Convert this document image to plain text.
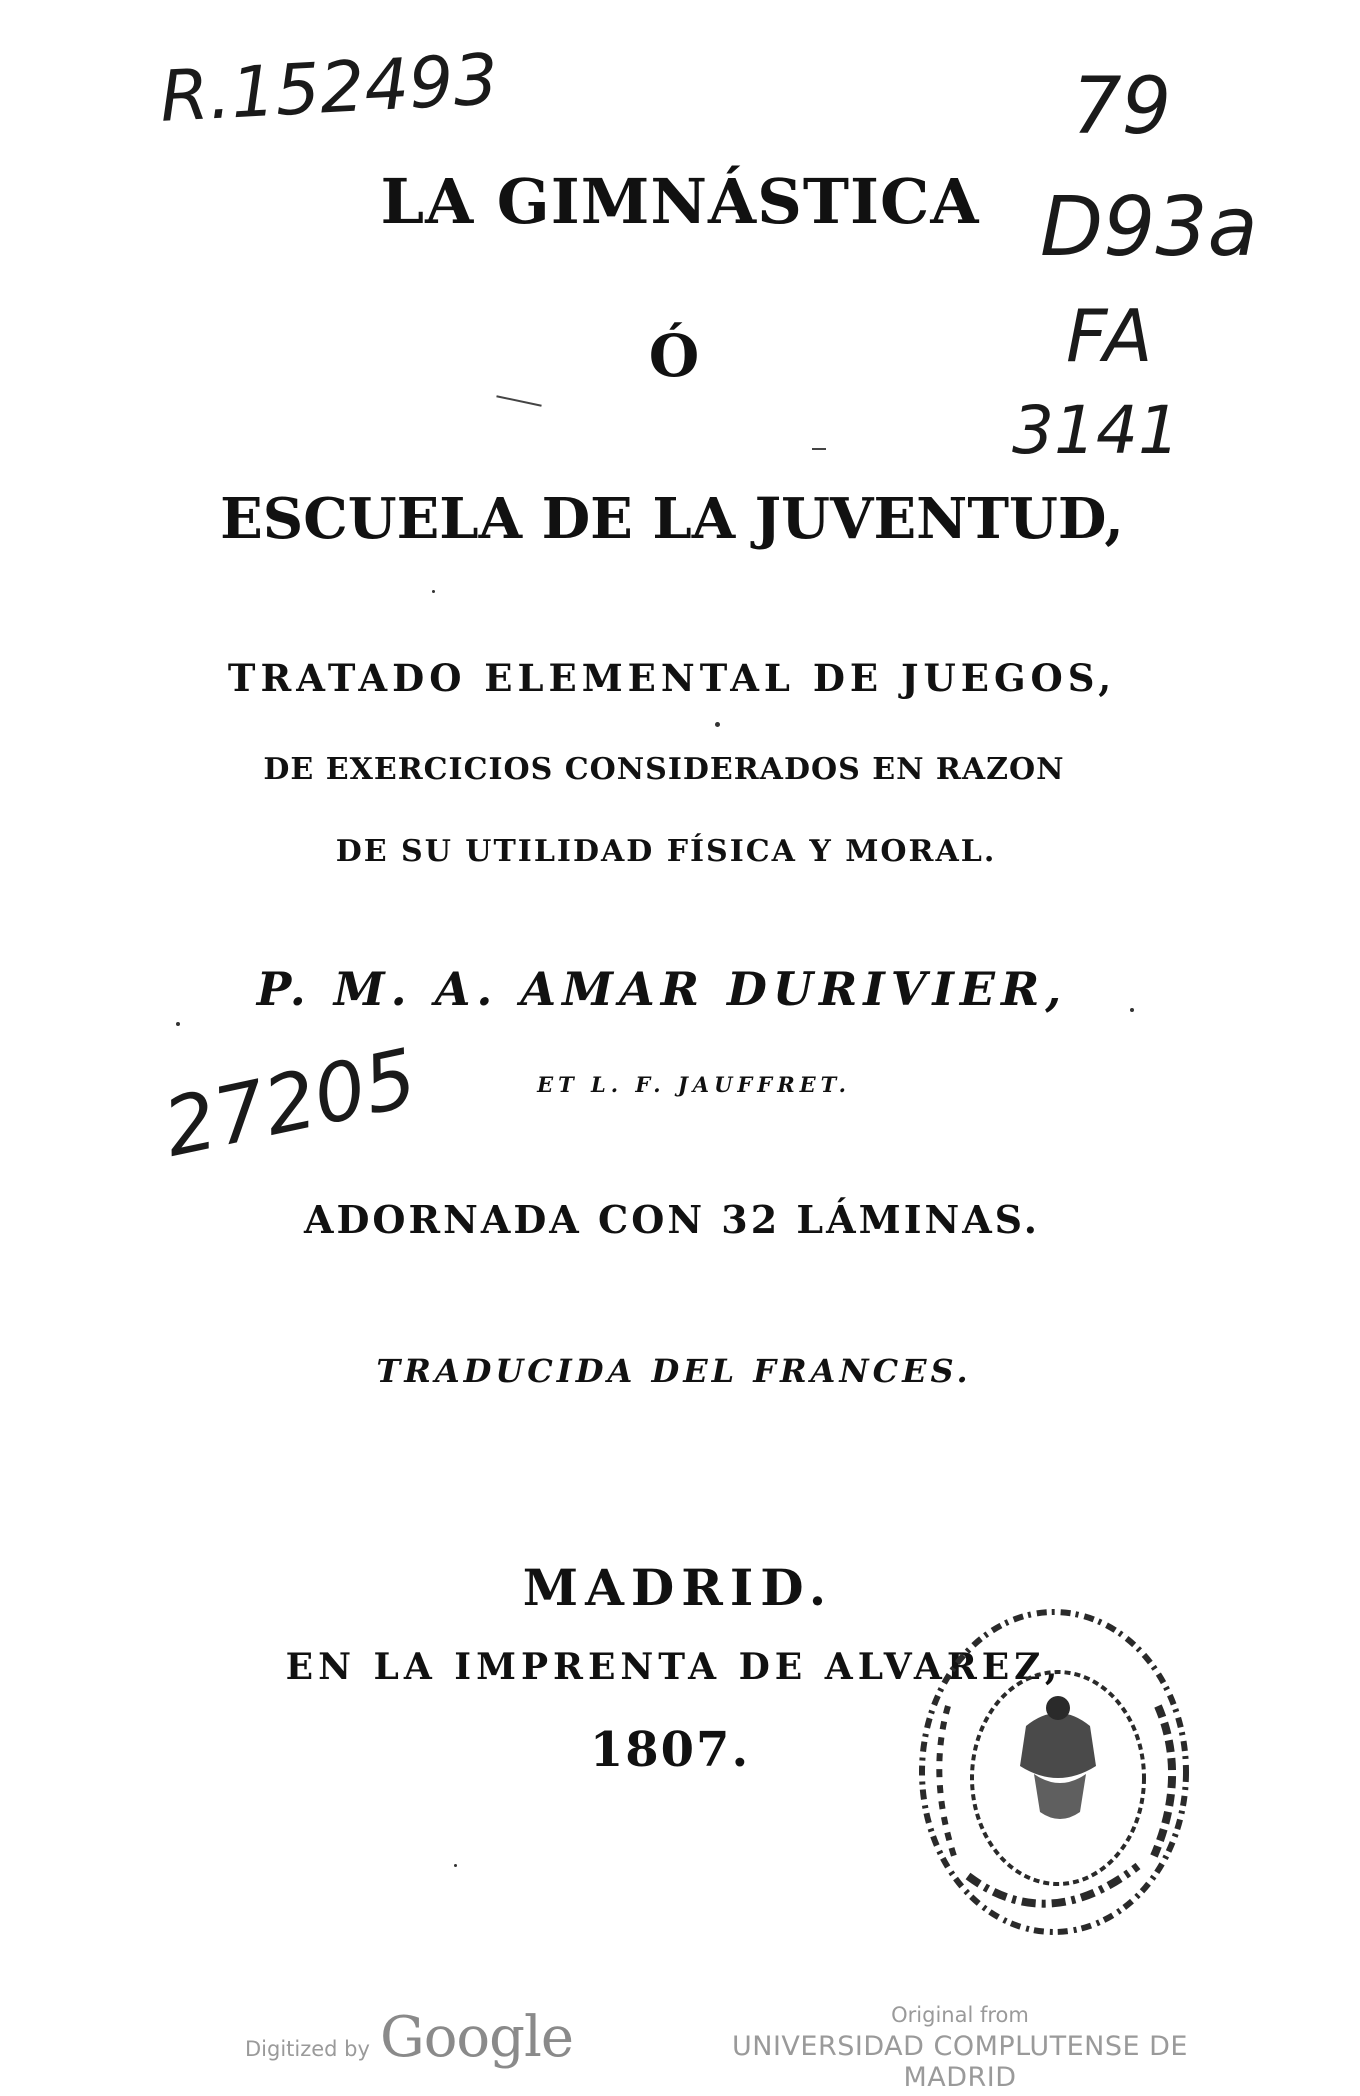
R.152493	79
D93a
FA
3141
27205
LA GIMNÁSTICA
Ó
ESCUELA DE LA JUVENTUD,
TRATADO ELEMENTAL DE JUEGOS,
DE EXERCICIOS CONSIDERADOS EN RAZON
DE SU UTILIDAD FÍSICA Y MORAL.
P. M. A. AMAR DURIVIER,
ET L. F. JAUFFRET.
ADORNADA CON 32 LÁMINAS.
TRADUCIDA DEL FRANCES.
MADRID.
EN LA IMPRENTA DE ALVAREZ,
1807.
Digitized by Google	Original from
UNIVERSIDAD COMPLUTENSE DE MADRID
